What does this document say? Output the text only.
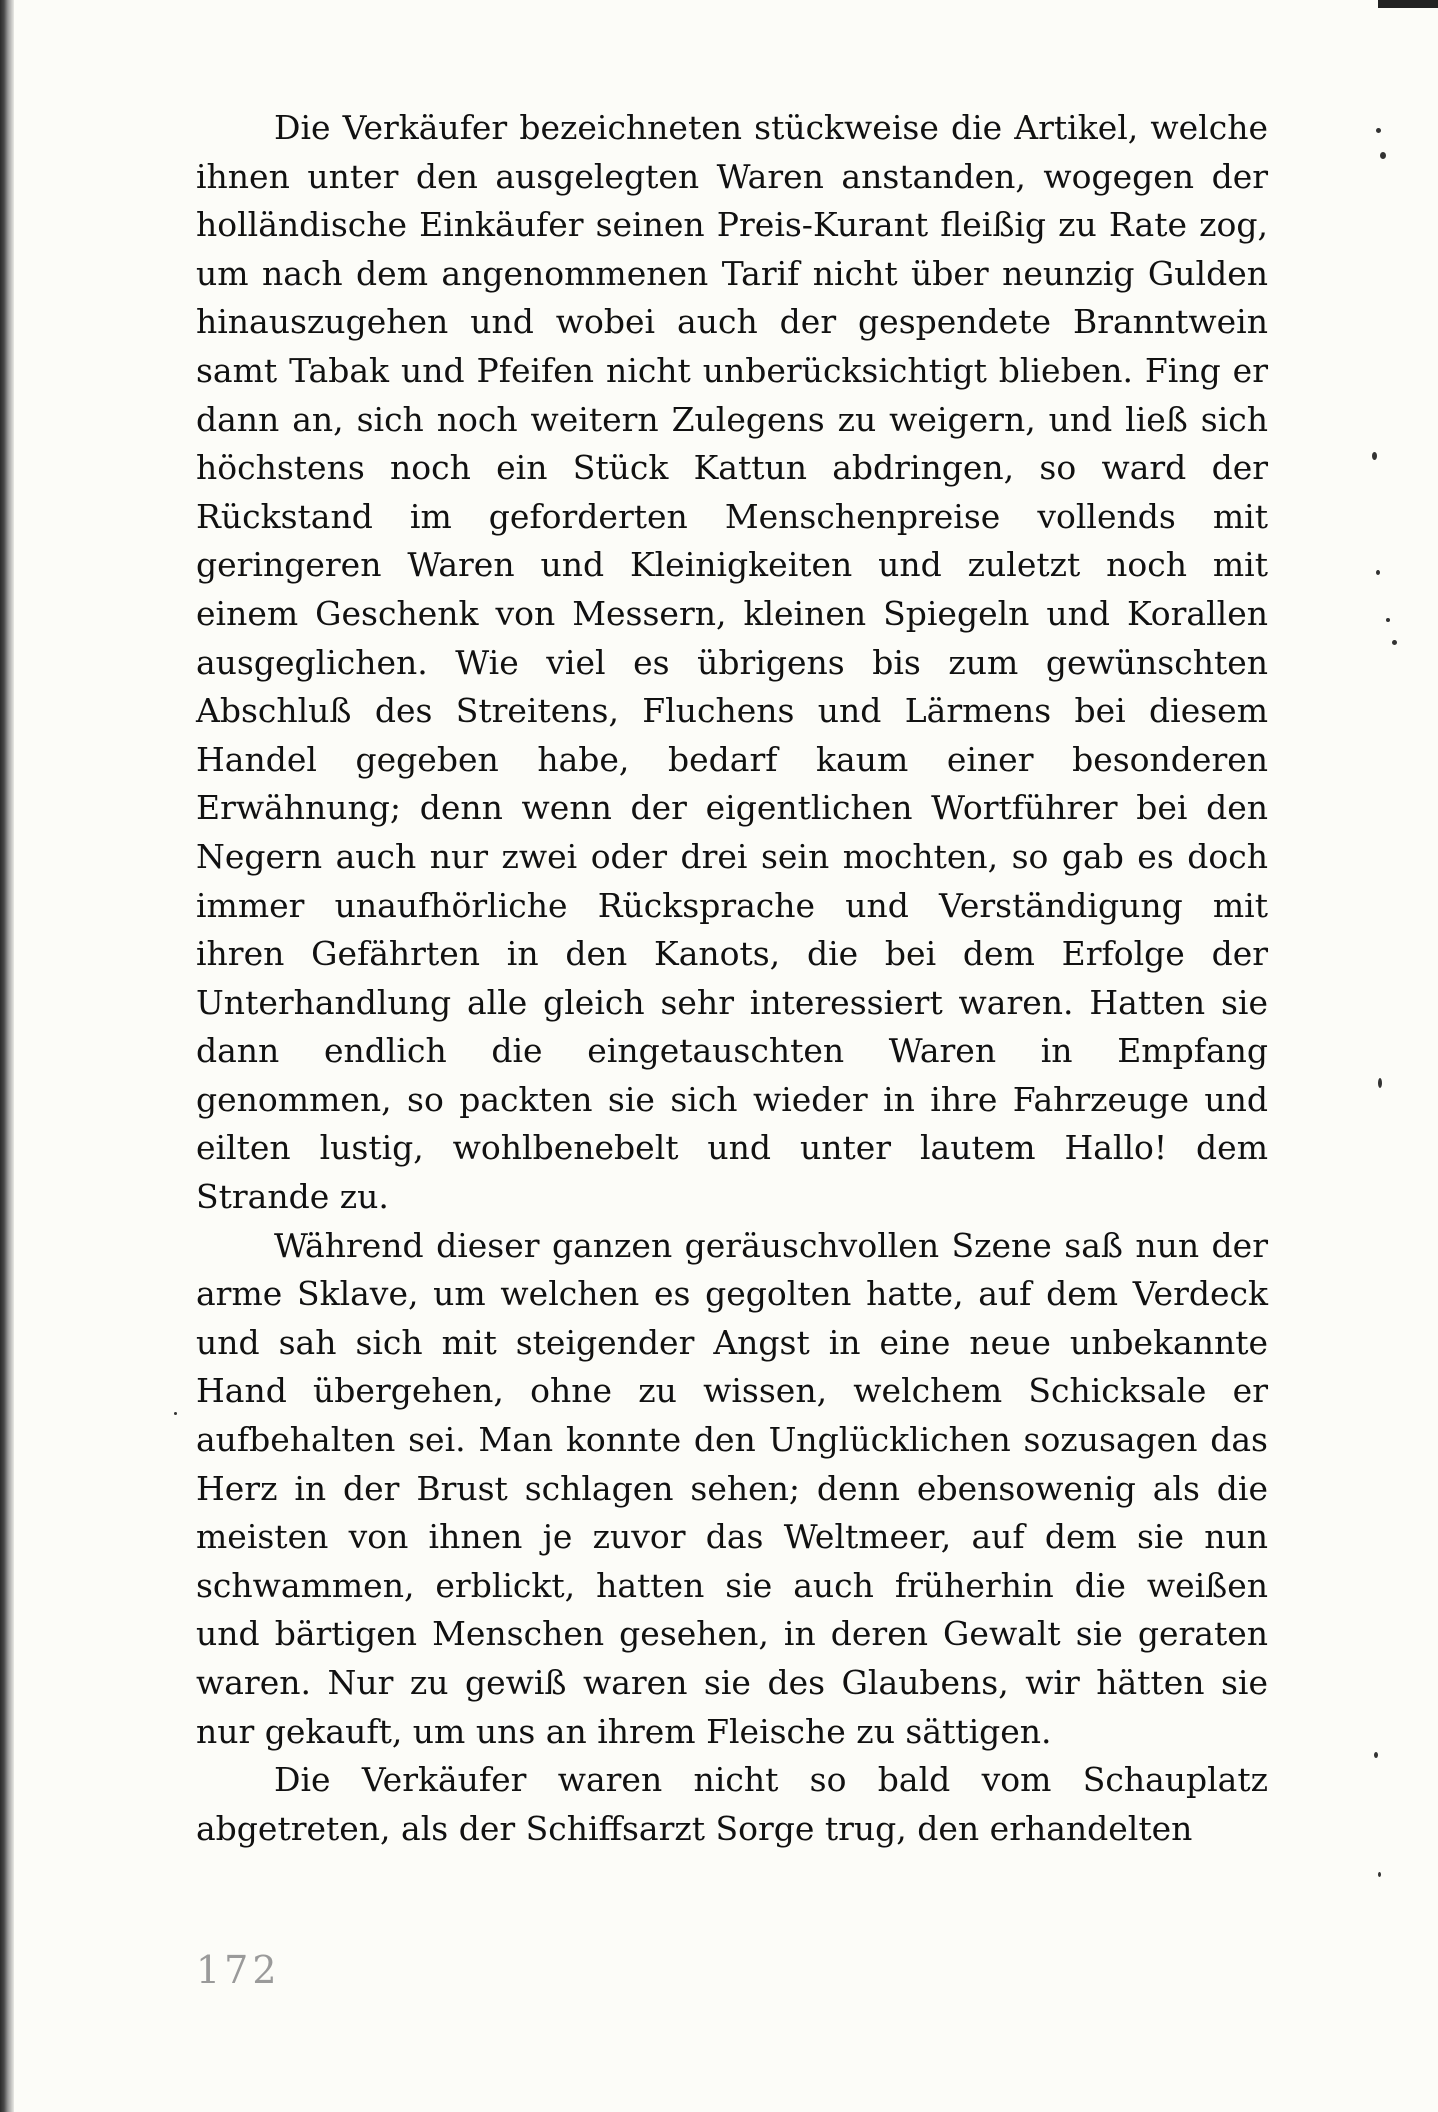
Die Verkäufer bezeichneten stückweise die Artikel, welche ihnen unter den ausgelegten Waren anstanden, wogegen der holländische Einkäufer seinen Preis-Kurant fleißig zu Rate zog, um nach dem angenommenen Tarif nicht über neunzig Gulden hinauszugehen und wobei auch der gespendete Branntwein samt Tabak und Pfeifen nicht unberücksichtigt blieben. Fing er dann an, sich noch weitern Zulegens zu weigern, und ließ sich höchstens noch ein Stück Kattun abdringen, so ward der Rückstand im geforderten Menschenpreise vollends mit geringeren Waren und Kleinigkeiten und zuletzt noch mit einem Geschenk von Messern, kleinen Spiegeln und Korallen ausgeglichen. Wie viel es übrigens bis zum gewünschten Abschluß des Streitens, Fluchens und Lärmens bei diesem Handel gegeben habe, bedarf kaum einer besonderen Erwähnung; denn wenn der eigentlichen Wortführer bei den Negern auch nur zwei oder drei sein mochten, so gab es doch immer unaufhörliche Rücksprache und Verständigung mit ihren Gefährten in den Kanots, die bei dem Erfolge der Unterhandlung alle gleich sehr interessiert waren. Hatten sie dann endlich die eingetauschten Waren in Empfang genommen, so packten sie sich wieder in ihre Fahrzeuge und eilten lustig, wohlbenebelt und unter lautem Hallo! dem Strande zu.

Während dieser ganzen geräuschvollen Szene saß nun der arme Sklave, um welchen es gegolten hatte, auf dem Verdeck und sah sich mit steigender Angst in eine neue unbekannte Hand übergehen, ohne zu wissen, welchem Schicksale er aufbehalten sei. Man konnte den Unglücklichen sozusagen das Herz in der Brust schlagen sehen; denn ebensowenig als die meisten von ihnen je zuvor das Weltmeer, auf dem sie nun schwammen, erblickt, hatten sie auch früherhin die weißen und bärtigen Menschen gesehen, in deren Gewalt sie geraten waren. Nur zu gewiß waren sie des Glaubens, wir hätten sie nur gekauft, um uns an ihrem Fleische zu sättigen.

Die Verkäufer waren nicht so bald vom Schauplatz abgetreten, als der Schiffsarzt Sorge trug, den erhandelten

172
